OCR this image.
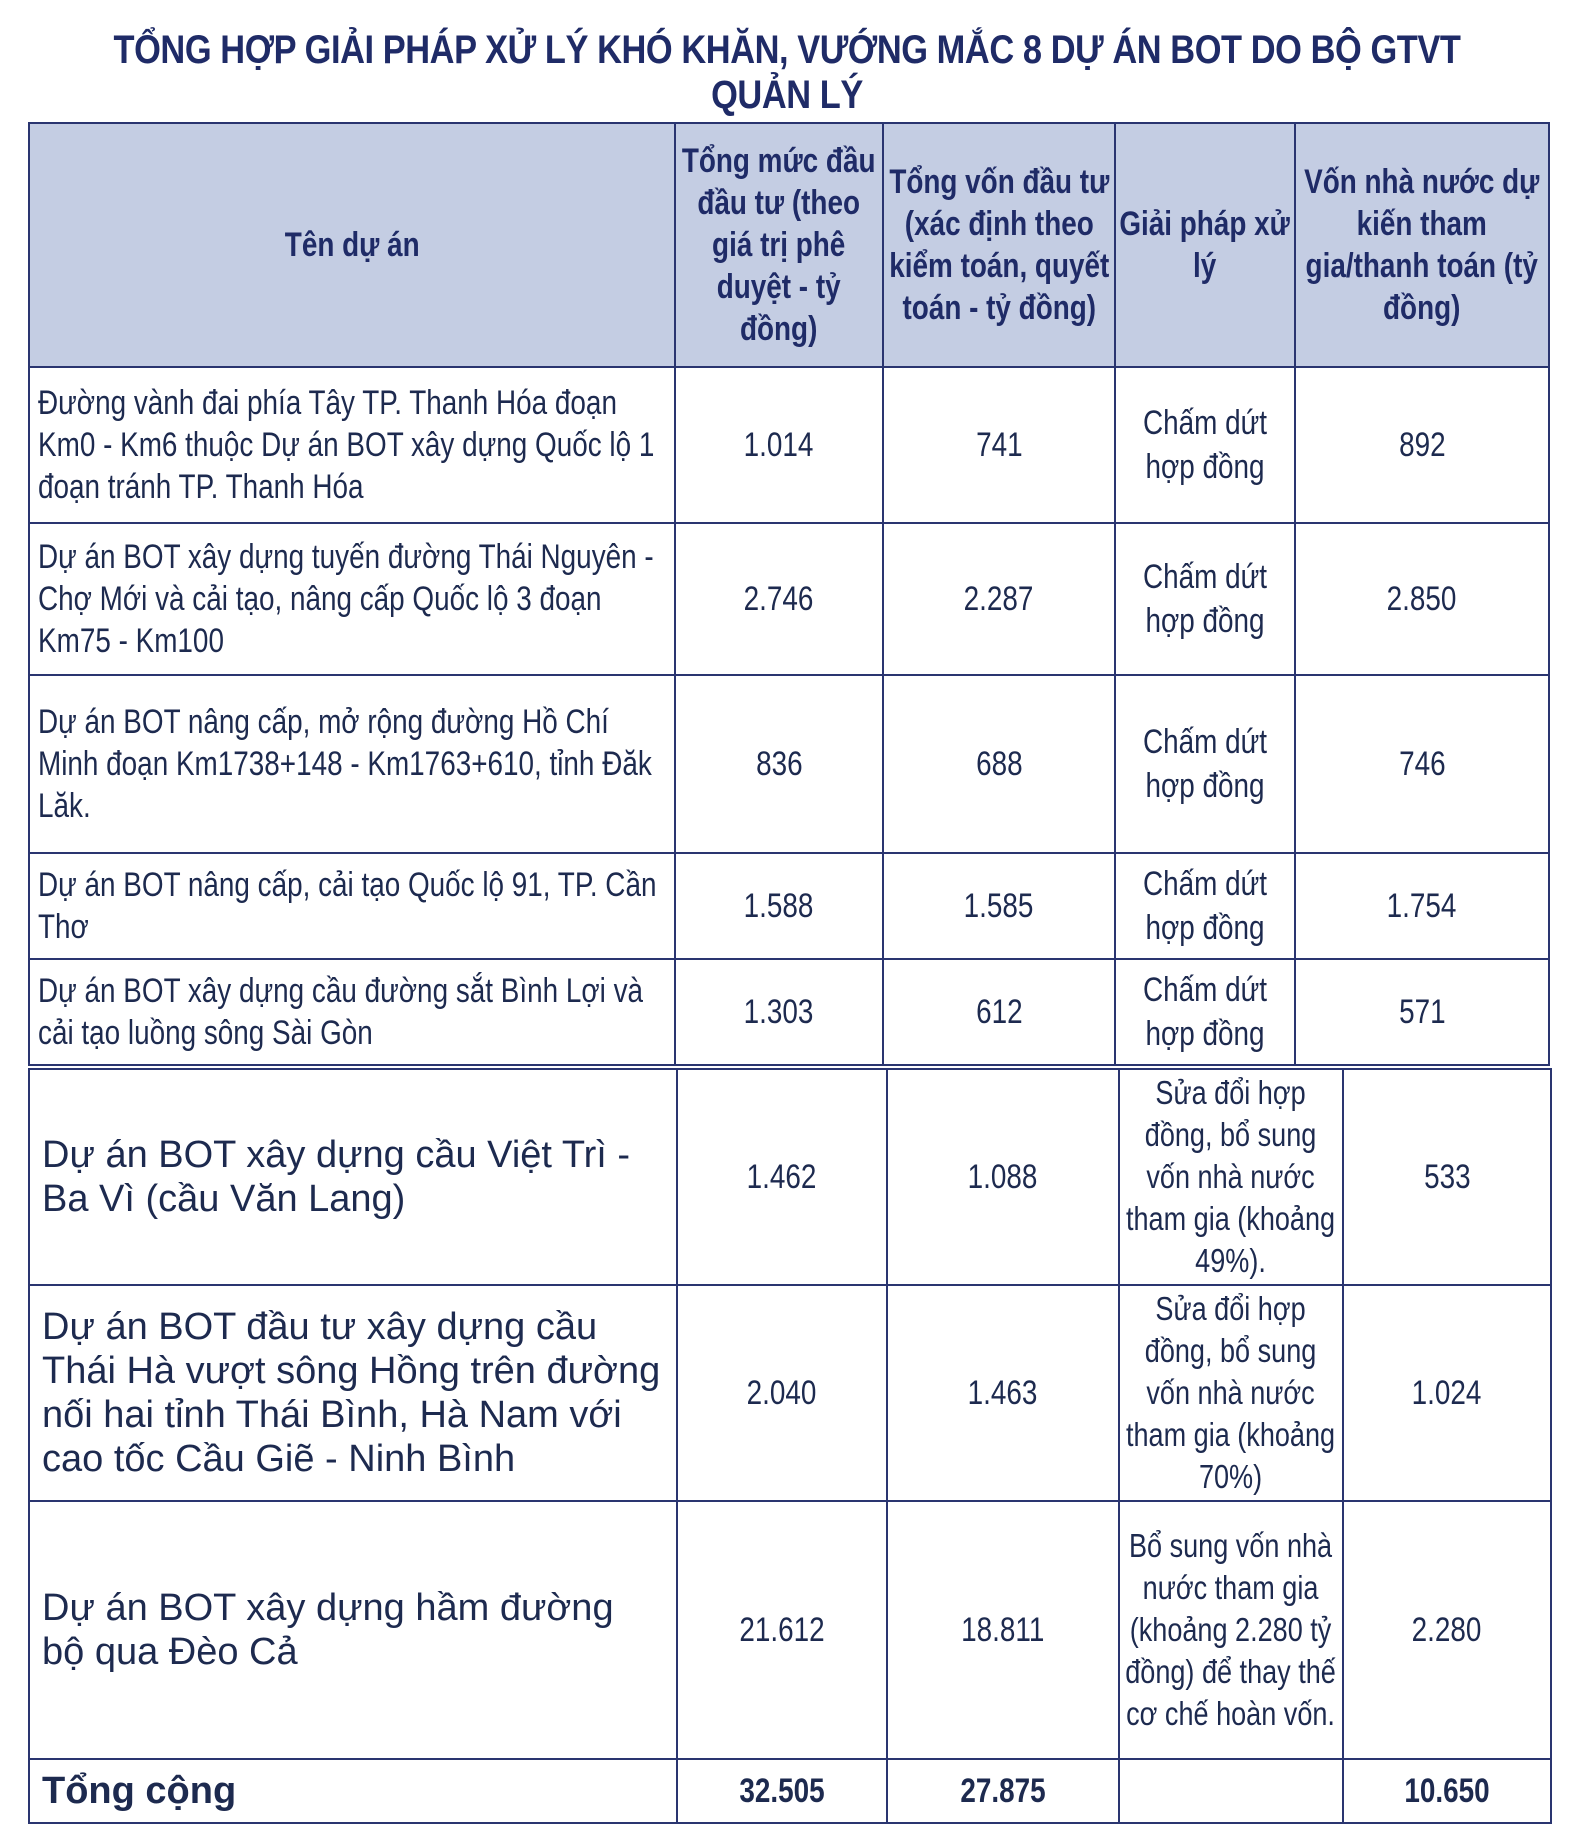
TỔNG HỢP GIẢI PHÁP XỬ LÝ KHÓ KHĂN, VƯỚNG MẮC 8 DỰ ÁN BOT DO BỘ GTVT QUẢN LÝ
Tên dự án	Tổng mức đầu đầu tư (theo giá trị phê duyệt - tỷ đồng)	Tổng vốn đầu tư (xác định theo kiểm toán, quyết toán - tỷ đồng)	Giải pháp xử lý	Vốn nhà nước dự kiến tham gia/thanh toán (tỷ đồng)

Đường vành đai phía Tây TP. Thanh Hóa đoạn Km0 - Km6 thuộc Dự án BOT xây dựng Quốc lộ 1 đoạn tránh TP. Thanh Hóa	1.014	741	Chấm dứt hợp đồng	892

Dự án BOT xây dựng tuyến đường Thái Nguyên - Chợ Mới và cải tạo, nâng cấp Quốc lộ 3 đoạn Km75 - Km100	2.746	2.287	Chấm dứt hợp đồng	2.850

Dự án BOT nâng cấp, mở rộng đường Hồ Chí Minh đoạn Km1738+148 - Km1763+610, tỉnh Đăk Lăk.	836	688	Chấm dứt hợp đồng	746

Dự án BOT nâng cấp, cải tạo Quốc lộ 91, TP. Cần Thơ	1.588	1.585	Chấm dứt hợp đồng	1.754

Dự án BOT xây dựng cầu đường sắt Bình Lợi và cải tạo luồng sông Sài Gòn	1.303	612	Chấm dứt hợp đồng	571
Dự án BOT xây dựng cầu Việt Trì - Ba Vì (cầu Văn Lang)	1.462	1.088	Sửa đổi hợp đồng, bổ sung vốn nhà nước tham gia (khoảng 49%).	533
Dự án BOT đầu tư xây dựng cầu Thái Hà vượt sông Hồng trên đường nối hai tỉnh Thái Bình, Hà Nam với cao tốc Cầu Giẽ - Ninh Bình	2.040	1.463	Sửa đổi hợp đồng, bổ sung vốn nhà nước tham gia (khoảng 70%)	1.024
Dự án BOT xây dựng hầm đường bộ qua Đèo Cả	21.612	18.811	Bổ sung vốn nhà nước tham gia (khoảng 2.280 tỷ đồng) để thay thế cơ chế hoàn vốn.	2.280
Tổng cộng	32.505	27.875		10.650
